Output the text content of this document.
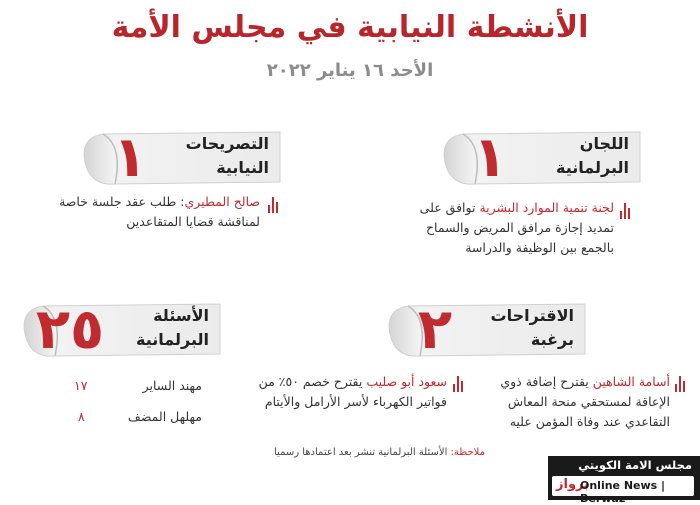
الأنشطة النيابية في مجلس الأمة
الأحد ١٦ يناير ٢٠٢٢
١	اللجان
البرلمانية
١	التصريحات
النيابية
لجنة تنمية الموارد البشرية توافق على
تمديد إجازة مرافق المريض والسماح
بالجمع بين الوظيفة والدراسة
صالح المطيري: طلب عقد جلسة خاصة
لمناقشة قضايا المتقاعدين
٢	الاقتراحات
برغبة
٢٥	الأسئلة
البرلمانية
أسامة الشاهين يقترح إضافة ذوي
الإعاقة لمستحقي منحة المعاش
التقاعدي عند وفاة المؤمن عليه
سعود أبو صليب يقترح خصم ٥٠٪ من
فواتير الكهرباء لأسر الأرامل والأيتام
مهند الساير
١٧
مهلهل المضف
٨
ملاحظة: الأسئلة البرلمانية تنشر بعد اعتمادها رسميا
مجلس الامة الكويتي
برواز
Online News | Berwaz
